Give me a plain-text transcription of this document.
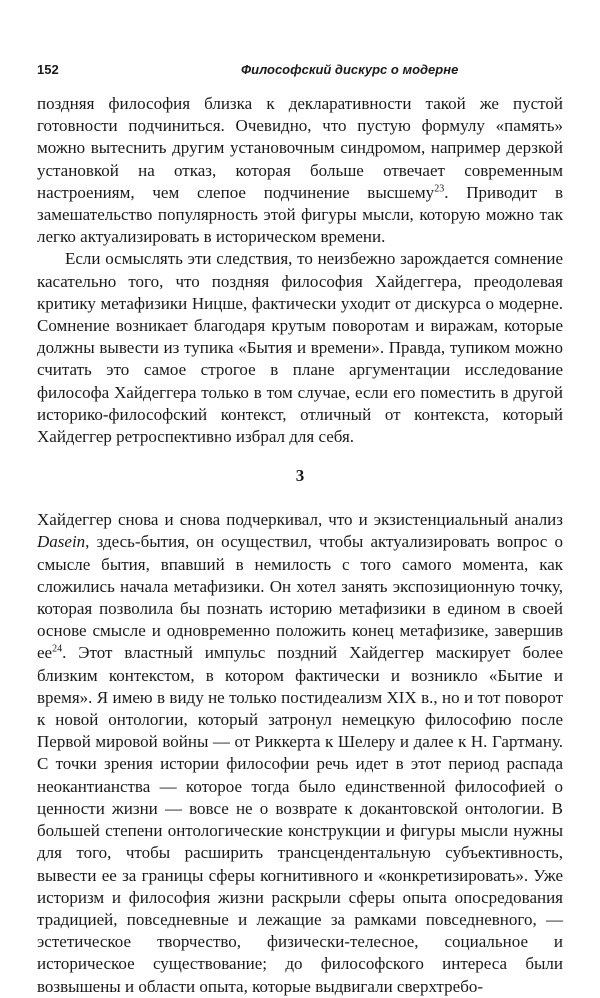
152	Философский дискурс о модерне

поздняя философия близка к декларативности такой же пустой готовности подчиниться. Очевидно, что пустую формулу «память» можно вытеснить другим установочным синдромом, например дерзкой установкой на отказ, которая больше отвечает современным настроениям, чем слепое подчинение высшему$^{23}$. Приводит в замешательство популярность этой фигуры мысли, которую можно так легко актуализировать в историческом времени.

Если осмыслять эти следствия, то неизбежно зарождается сомнение касательно того, что поздняя философия Хайдеггера, преодолевая критику метафизики Ницше, фактически уходит от дискурса о модерне. Сомнение возникает благодаря крутым поворотам и виражам, которые должны вывести из тупика «Бытия и времени». Правда, тупиком можно считать это самое строгое в плане аргументации исследование философа Хайдеггера только в том случае, если его поместить в другой историко-философский контекст, отличный от контекста, который Хайдеггер ретроспективно избрал для себя.

3

Хайдеггер снова и снова подчеркивал, что и экзистенциальный анализ Dasein, здесь-бытия, он осуществил, чтобы актуализировать вопрос о смысле бытия, впавший в немилость с того самого момента, как сложились начала метафизики. Он хотел занять экспозиционную точку, которая позволила бы познать историю метафизики в едином в своей основе смысле и одновременно положить конец метафизике, завершив $ее^{24}$. Этот властный импульс поздний Хайдеггер маскирует более близким контекстом, в котором фактически и возникло «Бытие и время». Я имею в виду не только постидеализм XIX в., но и тот поворот к новой онтологии, который затронул немецкую философию после Первой мировой войны — от Риккерта к Шелеру и далее к Н. Гартману. С точки зрения истории философии речь идет в этот период распада неокантианства — которое тогда было единственной философией о ценности жизни — вовсе не о возврате к докантовской онтологии. В большей степени онтологические конструкции и фигуры мысли нужны для того, чтобы расширить трансцендентальную субъективность, вывести ее за границы сферы когнитивного и «конкретизировать». Уже историзм и философия жизни раскрыли сферы опыта опосредования традицией, повседневные и лежащие за рамками повседневного, — эстетическое творчество, физически-телесное, социальное и историческое существование; до философского интереса были возвышены и области опыта, которые выдвигали сверхтребо-
